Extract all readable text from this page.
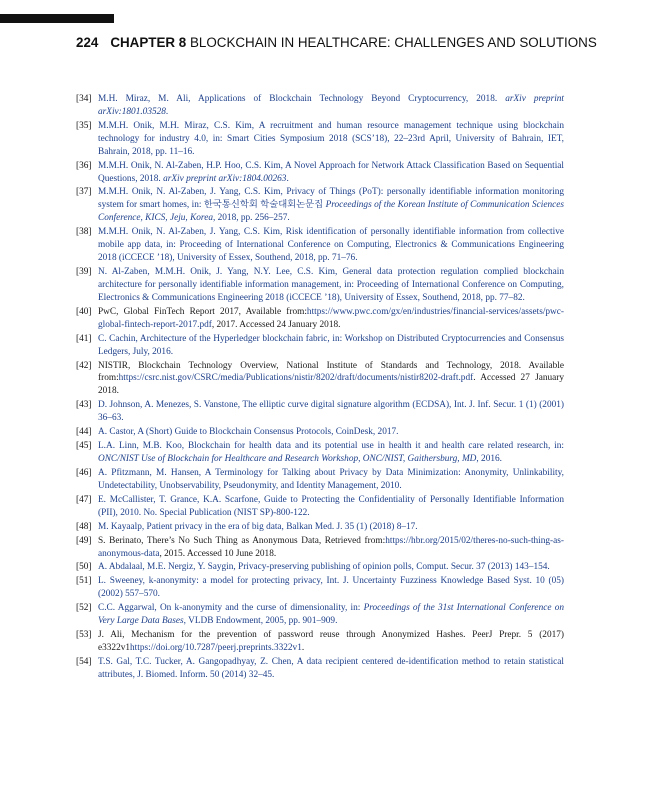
224 CHAPTER 8 BLOCKCHAIN IN HEALTHCARE: CHALLENGES AND SOLUTIONS
[34] M.H. Miraz, M. Ali, Applications of Blockchain Technology Beyond Cryptocurrency, 2018. arXiv preprint arXiv:1801.03528.
[35] M.M.H. Onik, M.H. Miraz, C.S. Kim, A recruitment and human resource management technique using blockchain technology for industry 4.0, in: Smart Cities Symposium 2018 (SCS’18), 22–23rd April, University of Bahrain, IET, Bahrain, 2018, pp. 11–16.
[36] M.M.H. Onik, N. Al-Zaben, H.P. Hoo, C.S. Kim, A Novel Approach for Network Attack Classification Based on Sequential Questions, 2018. arXiv preprint arXiv:1804.00263.
[37] M.M.H. Onik, N. Al-Zaben, J. Yang, C.S. Kim, Privacy of Things (PoT): personally identifiable information monitoring system for smart homes, in: 한국통신학회 학술대회논문집 Proceedings of the Korean Institute of Communication Sciences Conference, KICS, Jeju, Korea, 2018, pp. 256–257.
[38] M.M.H. Onik, N. Al-Zaben, J. Yang, C.S. Kim, Risk identification of personally identifiable information from collective mobile app data, in: Proceeding of International Conference on Computing, Electronics & Communications Engineering 2018 (iCCECE ’18), University of Essex, Southend, 2018, pp. 71–76.
[39] N. Al-Zaben, M.M.H. Onik, J. Yang, N.Y. Lee, C.S. Kim, General data protection regulation complied blockchain architecture for personally identifiable information management, in: Proceeding of International Conference on Computing, Electronics & Communications Engineering 2018 (iCCECE ’18), University of Essex, Southend, 2018, pp. 77–82.
[40] PwC, Global FinTech Report 2017, Available from:https://www.pwc.com/gx/en/industries/financial-services/assets/pwc-global-fintech-report-2017.pdf, 2017. Accessed 24 January 2018.
[41] C. Cachin, Architecture of the Hyperledger blockchain fabric, in: Workshop on Distributed Cryptocurrencies and Consensus Ledgers, July, 2016.
[42] NISTIR, Blockchain Technology Overview, National Institute of Standards and Technology, 2018. Available from:https://csrc.nist.gov/CSRC/media/Publications/nistir/8202/draft/documents/nistir8202-draft.pdf. Accessed 27 January 2018.
[43] D. Johnson, A. Menezes, S. Vanstone, The elliptic curve digital signature algorithm (ECDSA), Int. J. Inf. Secur. 1 (1) (2001) 36–63.
[44] A. Castor, A (Short) Guide to Blockchain Consensus Protocols, CoinDesk, 2017.
[45] L.A. Linn, M.B. Koo, Blockchain for health data and its potential use in health it and health care related research, in: ONC/NIST Use of Blockchain for Healthcare and Research Workshop, ONC/NIST, Gaithersburg, MD, 2016.
[46] A. Pfitzmann, M. Hansen, A Terminology for Talking about Privacy by Data Minimization: Anonymity, Unlinkability, Undetectability, Unobservability, Pseudonymity, and Identity Management, 2010.
[47] E. McCallister, T. Grance, K.A. Scarfone, Guide to Protecting the Confidentiality of Personally Identifiable Information (PII), 2010. No. Special Publication (NIST SP)-800-122.
[48] M. Kayaalp, Patient privacy in the era of big data, Balkan Med. J. 35 (1) (2018) 8–17.
[49] S. Berinato, There’s No Such Thing as Anonymous Data, Retrieved from:https://hbr.org/2015/02/theres-no-such-thing-as-anonymous-data, 2015. Accessed 10 June 2018.
[50] A. Abdalaal, M.E. Nergiz, Y. Saygin, Privacy-preserving publishing of opinion polls, Comput. Secur. 37 (2013) 143–154.
[51] L. Sweeney, k-anonymity: a model for protecting privacy, Int. J. Uncertainty Fuzziness Knowledge Based Syst. 10 (05) (2002) 557–570.
[52] C.C. Aggarwal, On k-anonymity and the curse of dimensionality, in: Proceedings of the 31st International Conference on Very Large Data Bases, VLDB Endowment, 2005, pp. 901–909.
[53] J. Ali, Mechanism for the prevention of password reuse through Anonymized Hashes. PeerJ Prepr. 5 (2017) e3322v1https://doi.org/10.7287/peerj.preprints.3322v1.
[54] T.S. Gal, T.C. Tucker, A. Gangopadhyay, Z. Chen, A data recipient centered de-identification method to retain statistical attributes, J. Biomed. Inform. 50 (2014) 32–45.
